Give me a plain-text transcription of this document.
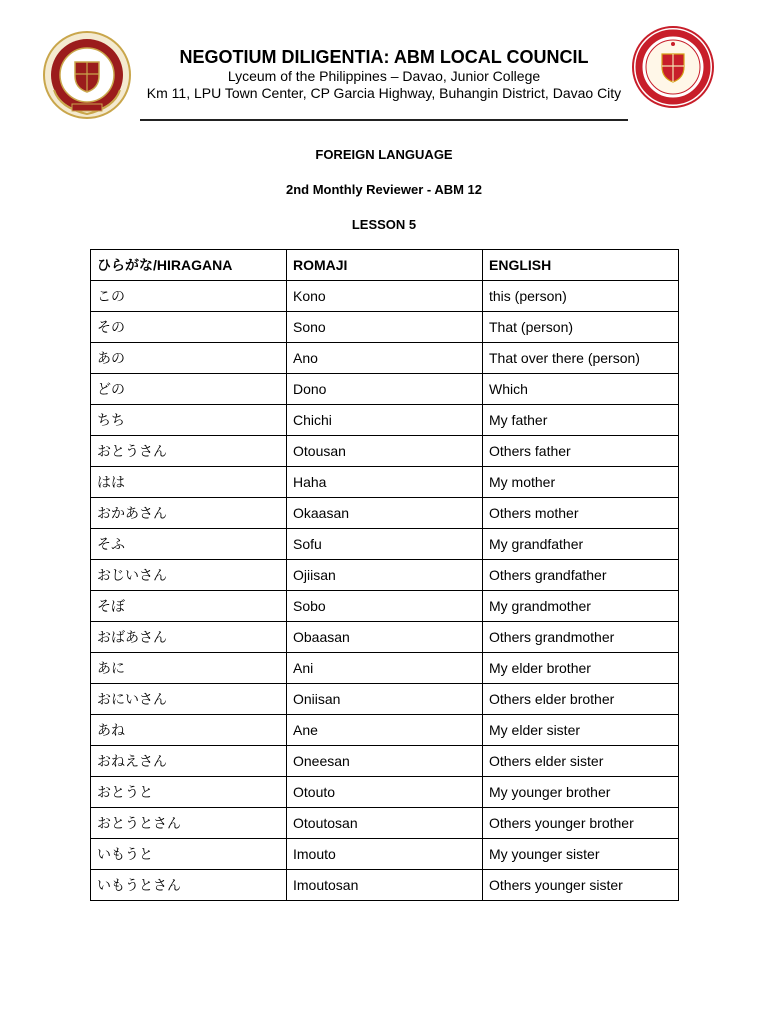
NEGOTIUM DILIGENTIA: ABM LOCAL COUNCIL
Lyceum of the Philippines – Davao, Junior College
Km 11, LPU Town Center, CP Garcia Highway, Buhangin District, Davao City
FOREIGN LANGUAGE
2nd Monthly Reviewer - ABM 12
LESSON 5
ひらがな/HIRAGANA	ROMAJI	ENGLISH
この	Kono	this (person)
その	Sono	That (person)
あの	Ano	That over there (person)
どの	Dono	Which
ちち	Chichi	My father
おとうさん	Otousan	Others father
はは	Haha	My mother
おかあさん	Okaasan	Others mother
そふ	Sofu	My grandfather
おじいさん	Ojiisan	Others grandfather
そぼ	Sobo	My grandmother
おばあさん	Obaasan	Others grandmother
あに	Ani	My elder brother
おにいさん	Oniisan	Others elder brother
あね	Ane	My elder sister
おねえさん	Oneesan	Others elder sister
おとうと	Otouto	My younger brother
おとうとさん	Otoutosan	Others younger brother
いもうと	Imouto	My younger sister
いもうとさん	Imoutosan	Others younger sister
